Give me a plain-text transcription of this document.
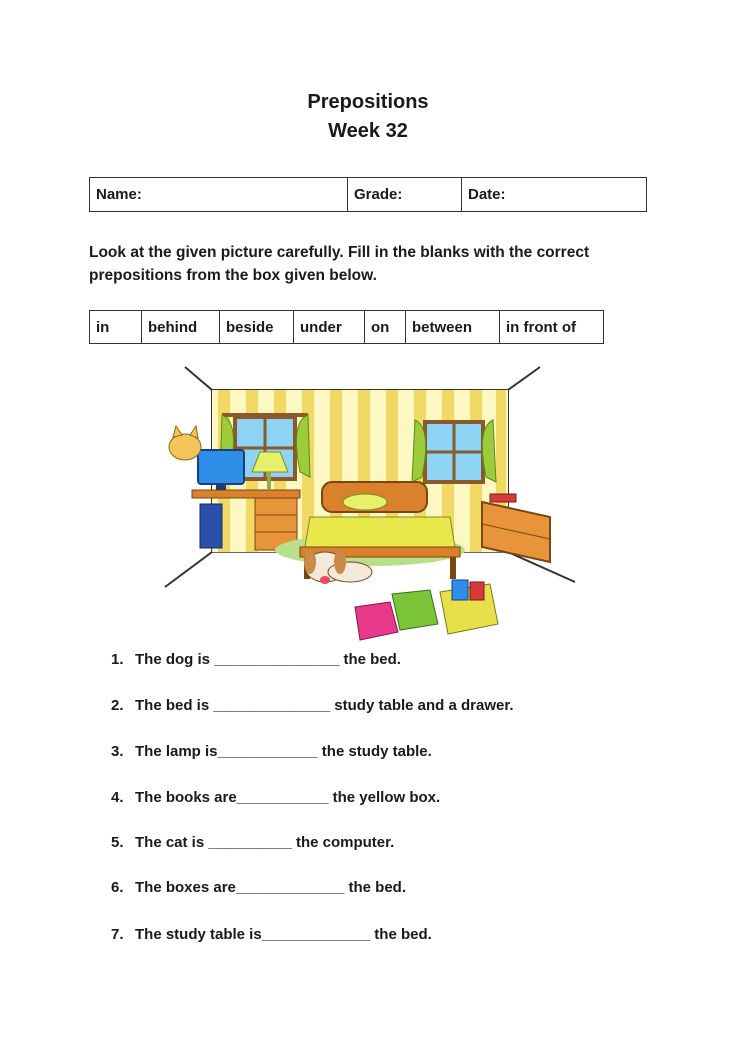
Prepositions
Week 32
Name:	Grade:	Date:
Look at the given picture carefully. Fill in the blanks with the correct prepositions from the box given below.
in	behind	beside	under	on	between	in front of
1. The dog is _______________ the bed.
2. The bed is ______________ study table and a drawer.
3. The lamp is____________ the study table.
4. The books are___________ the yellow box.
5. The cat is __________ the computer.
6. The boxes are_____________ the bed.
7. The study table is_____________ the bed.
